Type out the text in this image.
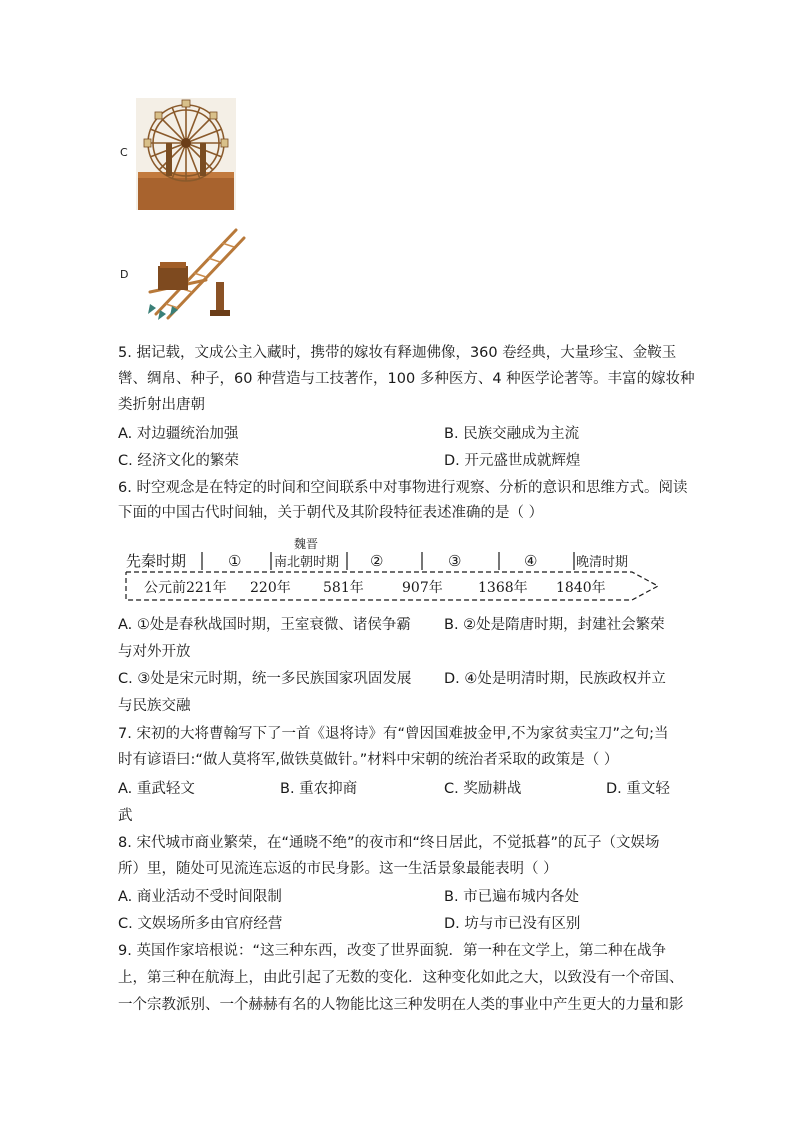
C
D
5. 据记载，文成公主入藏时，携带的嫁妆有释迦佛像，360 卷经典，大量珍宝、金鞍玉
辔、绸帛、种子，60 种营造与工技著作，100 多种医方、4 种医学论著等。丰富的嫁妆种
类折射出唐朝
A. 对边疆统治加强	B. 民族交融成为主流
C. 经济文化的繁荣	D. 开元盛世成就辉煌
6. 时空观念是在特定的时间和空间联系中对事物进行观察、分析的意识和思维方式。阅读
下面的中国古代时间轴，关于朝代及其阶段特征表述准确的是（ ）
先秦时期	①
魏晋
南北朝时期 ②	③	④	晚清时期
公元前221年 220年 581年	907年	1368年 1840年
A. ①处是春秋战国时期，王室衰微、诸侯争霸 B. ②处是隋唐时期，封建社会繁荣
与对外开放
C. ③处是宋元时期，统一多民族国家巩固发展 D. ④处是明清时期，民族政权并立
与民族交融
7. 宋初的大将曹翰写下了一首《退将诗》有“曾因国难披金甲,不为家贫卖宝刀”之句;当
时有谚语曰:“做人莫将军,做铁莫做针。”材料中宋朝的统治者采取的政策是（ ）
A. 重武轻文	B. 重农抑商	C. 奖励耕战	D. 重文轻
武
8. 宋代城市商业繁荣，在“通晓不绝”的夜市和“终日居此，不觉抵暮”的瓦子（文娱场
所）里，随处可见流连忘返的市民身影。这一生活景象最能表明（ ）
A. 商业活动不受时间限制	B. 市已遍布城内各处
C. 文娱场所多由官府经营	D. 坊与市已没有区别
9. 英国作家培根说：“这三种东西，改变了世界面貌．第一种在文学上，第二种在战争
上，第三种在航海上，由此引起了无数的变化．这种变化如此之大，以致没有一个帝国、
一个宗教派别、一个赫赫有名的人物能比这三种发明在人类的事业中产生更大的力量和影
